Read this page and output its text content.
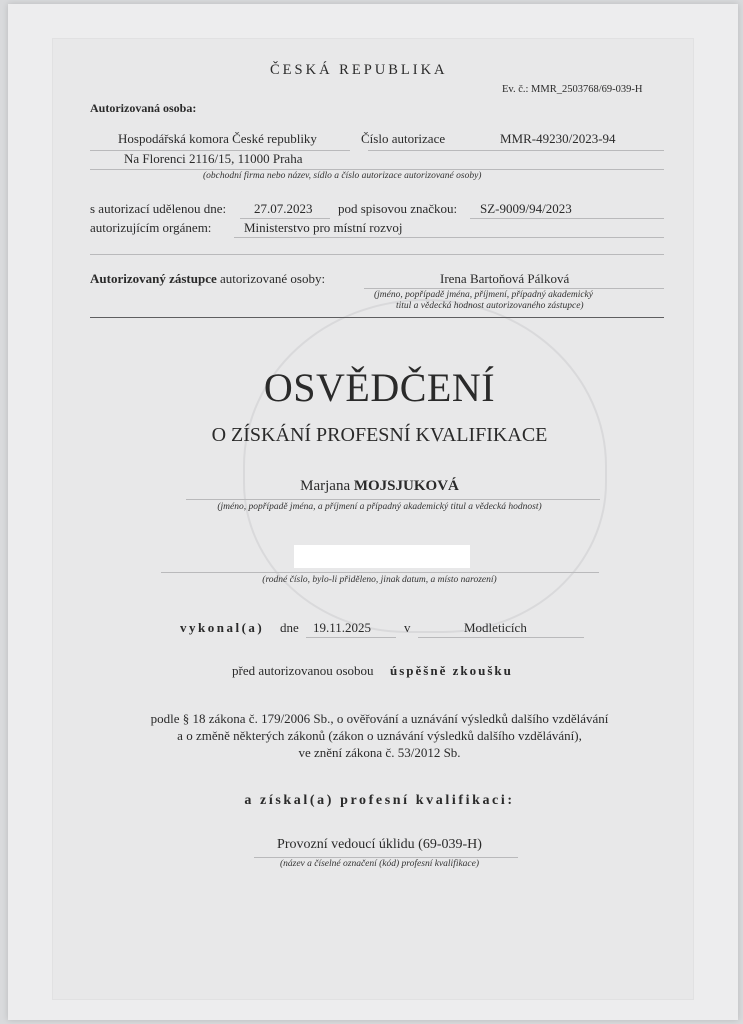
ČESKÁ REPUBLIKA
Ev. č.: MMR_2503768/69-039-H
Autorizovaná osoba:
Hospodářská komora České republiky	Číslo autorizace	MMR-49230/2023-94
Na Florenci 2116/15, 11000 Praha
(obchodní firma nebo název, sídlo a číslo autorizace autorizované osoby)
s autorizací udělenou dne: 27.07.2023 pod spisovou značkou: SZ-9009/94/2023
autorizujícím orgánem:	Ministerstvo pro místní rozvoj
Autorizovaný zástupce autorizované osoby:	Irena Bartoňová Pálková
(jméno, popřípadě jména, příjmení, případný akademický
titul a vědecká hodnost autorizovaného zástupce)
OSVĚDČENÍ
O ZÍSKÁNÍ PROFESNÍ KVALIFIKACE
Marjana MOJSJUKOVÁ
(jméno, popřípadě jména, a příjmení a případný akademický titul a vědecká hodnost)
(rodné číslo, bylo-li přiděleno, jinak datum, a místo narození)
vykonal(a) dne 19.11.2025	v	Modleticích
před autorizovanou osobou úspěšně zkoušku
podle § 18 zákona č. 179/2006 Sb., o ověřování a uznávání výsledků dalšího vzdělávání
a o změně některých zákonů (zákon o uznávání výsledků dalšího vzdělávání),
ve znění zákona č. 53/2012 Sb.
a získal(a) profesní kvalifikaci:
Provozní vedoucí úklidu (69-039-H)
(název a číselné označení (kód) profesní kvalifikace)
